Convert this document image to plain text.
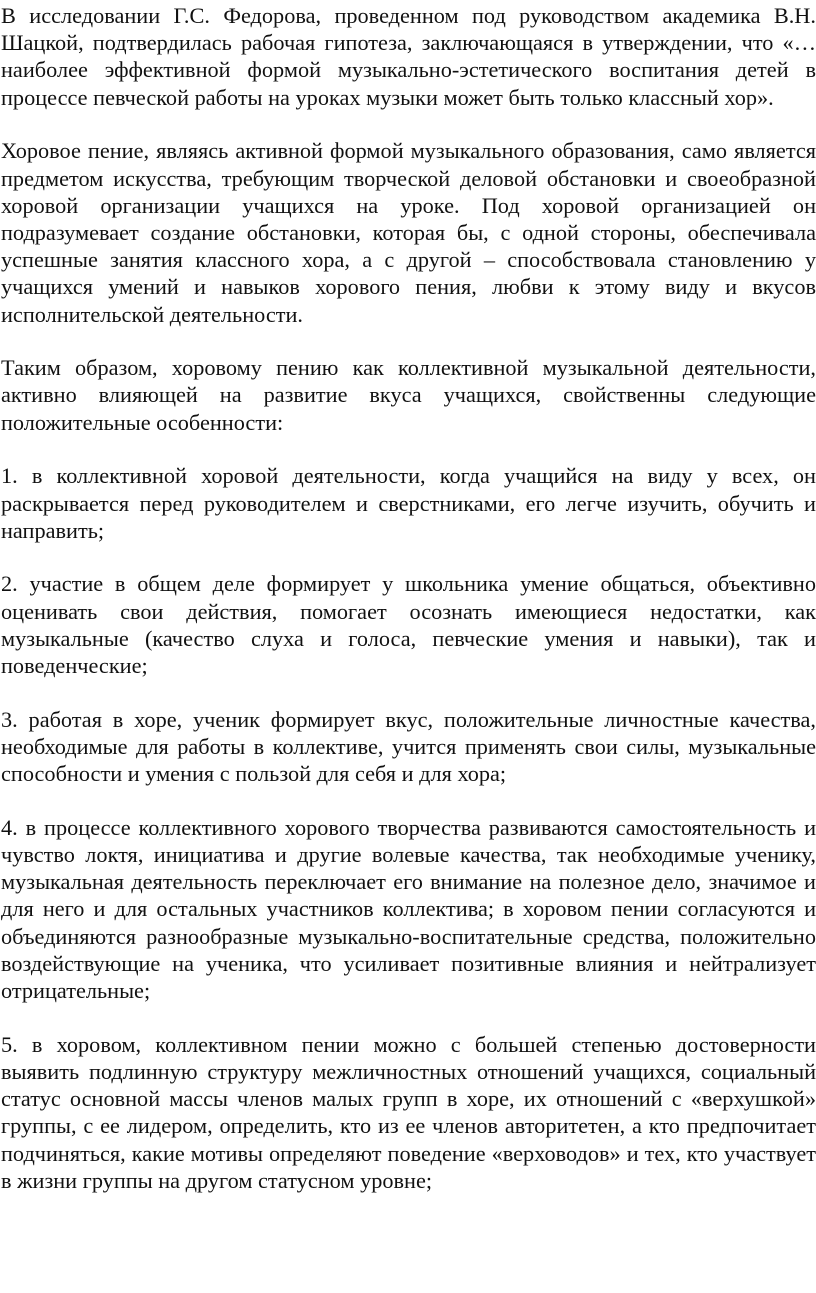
В исследовании Г.С. Федорова, проведенном под руководством академика В.Н. Шацкой, подтвердилась рабочая гипотеза, заключающаяся в утверждении, что «…наиболее эффективной формой музыкально-эстетического воспитания детей в процессе певческой работы на уроках музыки может быть только классный хор».

Хоровое пение, являясь активной формой музыкального образования, само является предметом искусства, требующим творческой деловой обстановки и своеобразной хоровой организации учащихся на уроке. Под хоровой организацией он подразумевает создание обстановки, которая бы, с одной стороны, обеспечивала успешные занятия классного хора, а с другой – способствовала становлению у учащихся умений и навыков хорового пения, любви к этому виду и вкусов исполнительской деятельности.

Таким образом, хоровому пению как коллективной музыкальной деятельности, активно влияющей на развитие вкуса учащихся, свойственны следующие положительные особенности:

1. в коллективной хоровой деятельности, когда учащийся на виду у всех, он раскрывается перед руководителем и сверстниками, его легче изучить, обучить и направить;

2. участие в общем деле формирует у школьника умение общаться, объективно оценивать свои действия, помогает осознать имеющиеся недостатки, как музыкальные (качество слуха и голоса, певческие умения и навыки), так и поведенческие;

3. работая в хоре, ученик формирует вкус, положительные личностные качества, необходимые для работы в коллективе, учится применять свои силы, музыкальные способности и умения с пользой для себя и для хора;

4. в процессе коллективного хорового творчества развиваются самостоятельность и чувство локтя, инициатива и другие волевые качества, так необходимые ученику, музыкальная деятельность переключает его внимание на полезное дело, значимое и для него и для остальных участников коллектива; в хоровом пении согласуются и объединяются разнообразные музыкально-воспитательные средства, положительно воздействующие на ученика, что усиливает позитивные влияния и нейтрализует отрицательные;

5. в хоровом, коллективном пении можно с большей степенью достоверности выявить подлинную структуру межличностных отношений учащихся, социальный статус основной массы членов малых групп в хоре, их отношений с «верхушкой» группы, с ее лидером, определить, кто из ее членов авторитетен, а кто предпочитает подчиняться, какие мотивы определяют поведение «верховодов» и тех, кто участвует в жизни группы на другом статусном уровне;
